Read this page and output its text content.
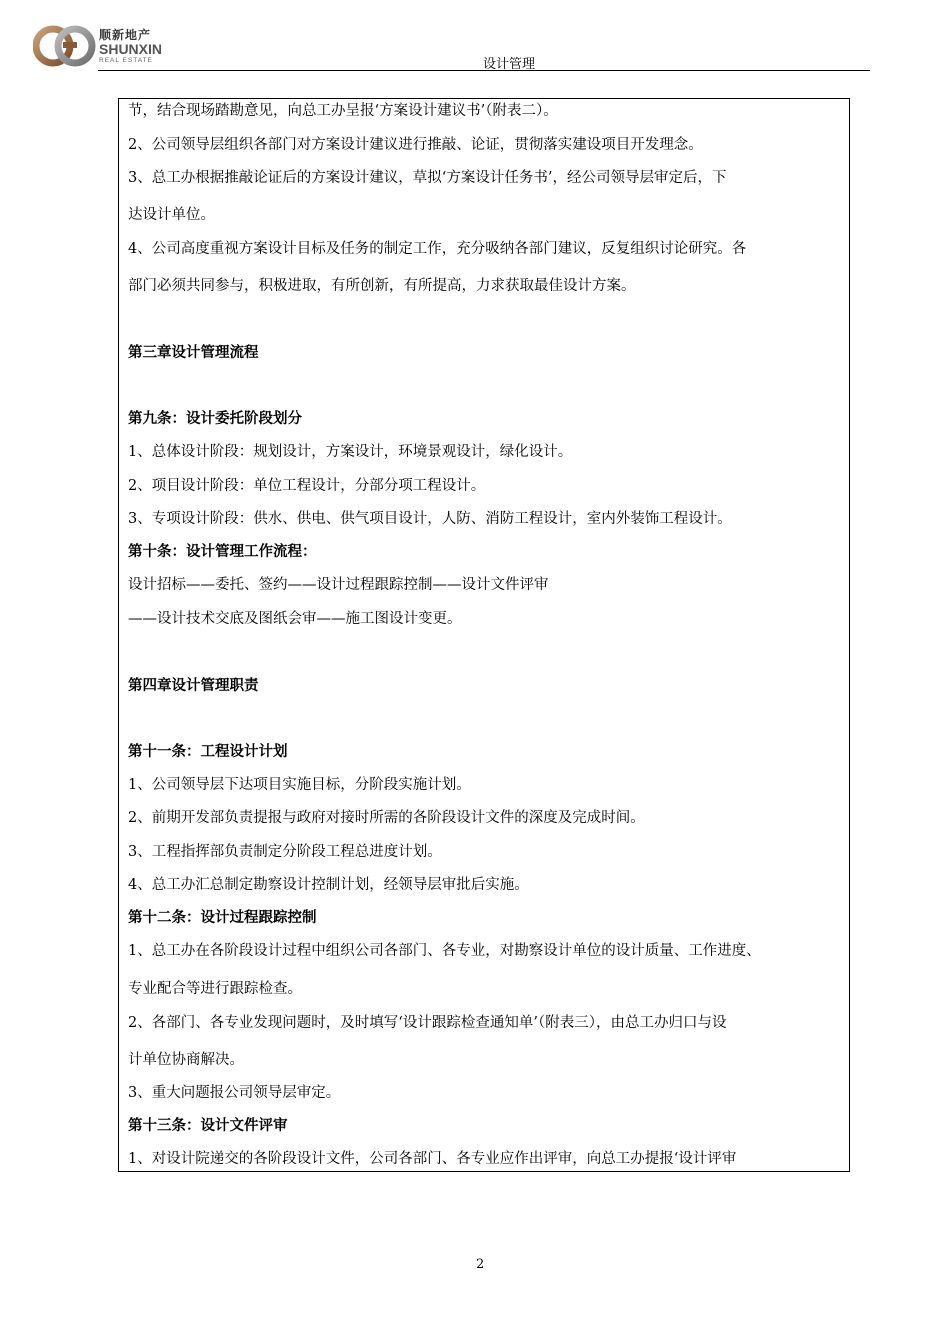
顺新地产
SHUNXIN
REAL ESTATE	设计管理
节，结合现场踏勘意见，向总工办呈报‘方案设计建议书’（附表二）。
2、公司领导层组织各部门对方案设计建议进行推敲、论证，贯彻落实建设项目开发理念。
3、总工办根据推敲论证后的方案设计建议，草拟‘方案设计任务书’，经公司领导层审定后，下
达设计单位。
4、公司高度重视方案设计目标及任务的制定工作，充分吸纳各部门建议，反复组织讨论研究。各
部门必须共同参与，积极进取，有所创新，有所提高，力求获取最佳设计方案。
第三章设计管理流程
第九条：设计委托阶段划分
1、总体设计阶段：规划设计，方案设计，环境景观设计，绿化设计。
2、项目设计阶段：单位工程设计，分部分项工程设计。
3、专项设计阶段：供水、供电、供气项目设计，人防、消防工程设计，室内外装饰工程设计。
第十条：设计管理工作流程：
设计招标——委托、签约——设计过程跟踪控制——设计文件评审
——设计技术交底及图纸会审——施工图设计变更。
第四章设计管理职责
第十一条：工程设计计划
1、公司领导层下达项目实施目标，分阶段实施计划。
2、前期开发部负责提报与政府对接时所需的各阶段设计文件的深度及完成时间。
3、工程指挥部负责制定分阶段工程总进度计划。
4、总工办汇总制定勘察设计控制计划，经领导层审批后实施。
第十二条：设计过程跟踪控制
1、总工办在各阶段设计过程中组织公司各部门、各专业，对勘察设计单位的设计质量、工作进度、
专业配合等进行跟踪检查。
2、各部门、各专业发现问题时，及时填写‘设计跟踪检查通知单’（附表三），由总工办归口与设
计单位协商解决。
3、重大问题报公司领导层审定。
第十三条：设计文件评审
1、对设计院递交的各阶段设计文件，公司各部门、各专业应作出评审，向总工办提报‘设计评审
2
